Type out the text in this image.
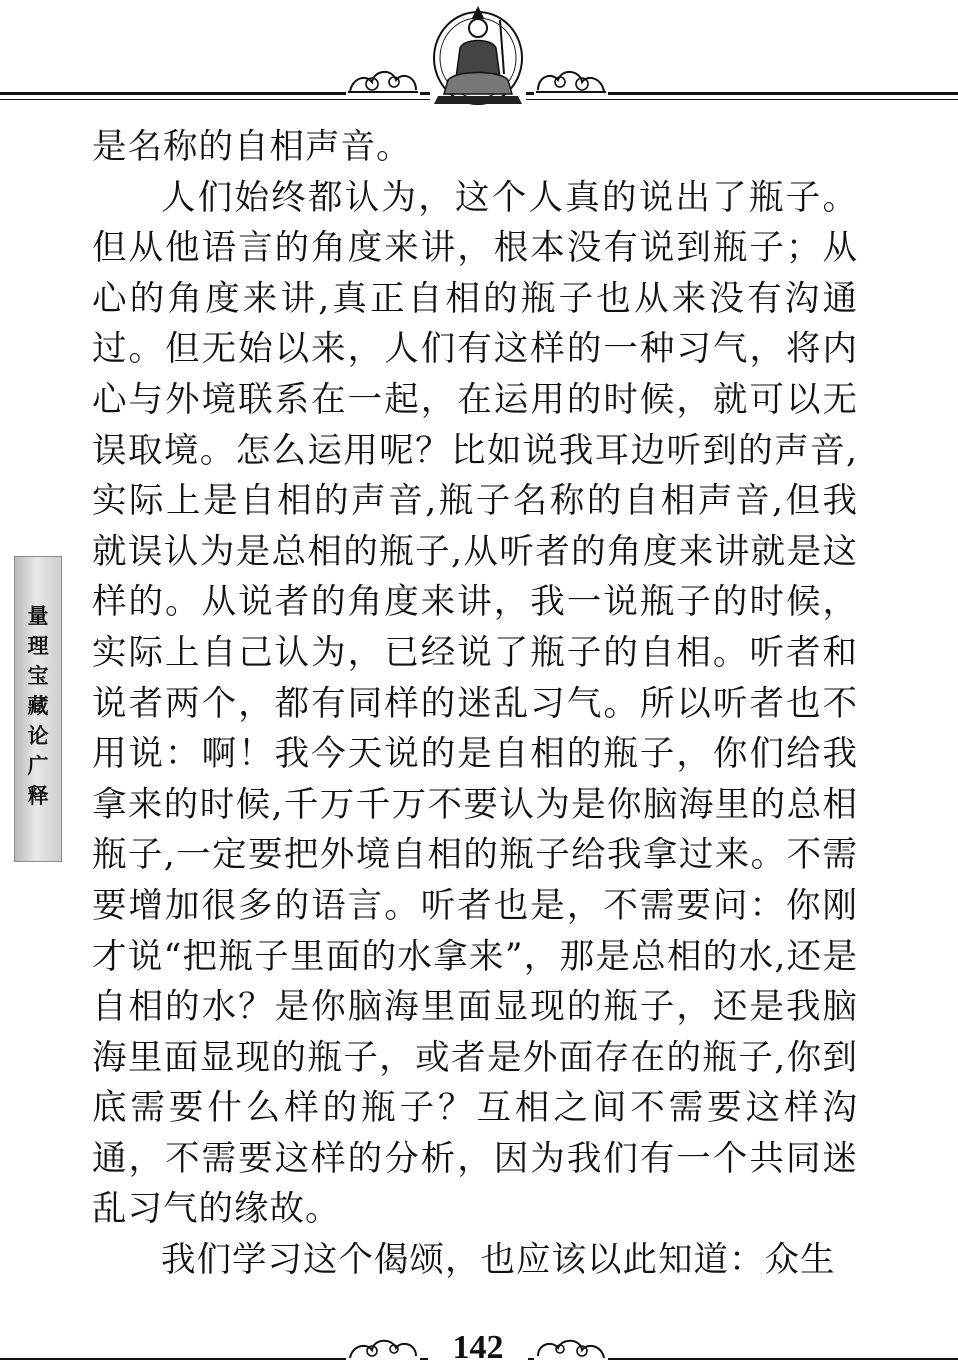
量理宝藏论广释

是名称的自相声音。

人们始终都认为，这个人真的说出了瓶子。但从他语言的角度来讲，根本没有说到瓶子；从心的角度来讲,真正自相的瓶子也从来没有沟通过。但无始以来，人们有这样的一种习气，将内心与外境联系在一起，在运用的时候，就可以无误取境。怎么运用呢？比如说我耳边听到的声音,实际上是自相的声音,瓶子名称的自相声音,但我就误认为是总相的瓶子,从听者的角度来讲就是这样的。从说者的角度来讲，我一说瓶子的时候，实际上自己认为，已经说了瓶子的自相。听者和说者两个，都有同样的迷乱习气。所以听者也不用说：啊！我今天说的是自相的瓶子，你们给我拿来的时候,千万千万不要认为是你脑海里的总相瓶子,一定要把外境自相的瓶子给我拿过来。不需要增加很多的语言。听者也是，不需要问：你刚才说“把瓶子里面的水拿来”，那是总相的水,还是自相的水？是你脑海里面显现的瓶子，还是我脑海里面显现的瓶子，或者是外面存在的瓶子,你到底需要什么样的瓶子？互相之间不需要这样沟通，不需要这样的分析，因为我们有一个共同迷乱习气的缘故。

我们学习这个偈颂，也应该以此知道：众生

142
